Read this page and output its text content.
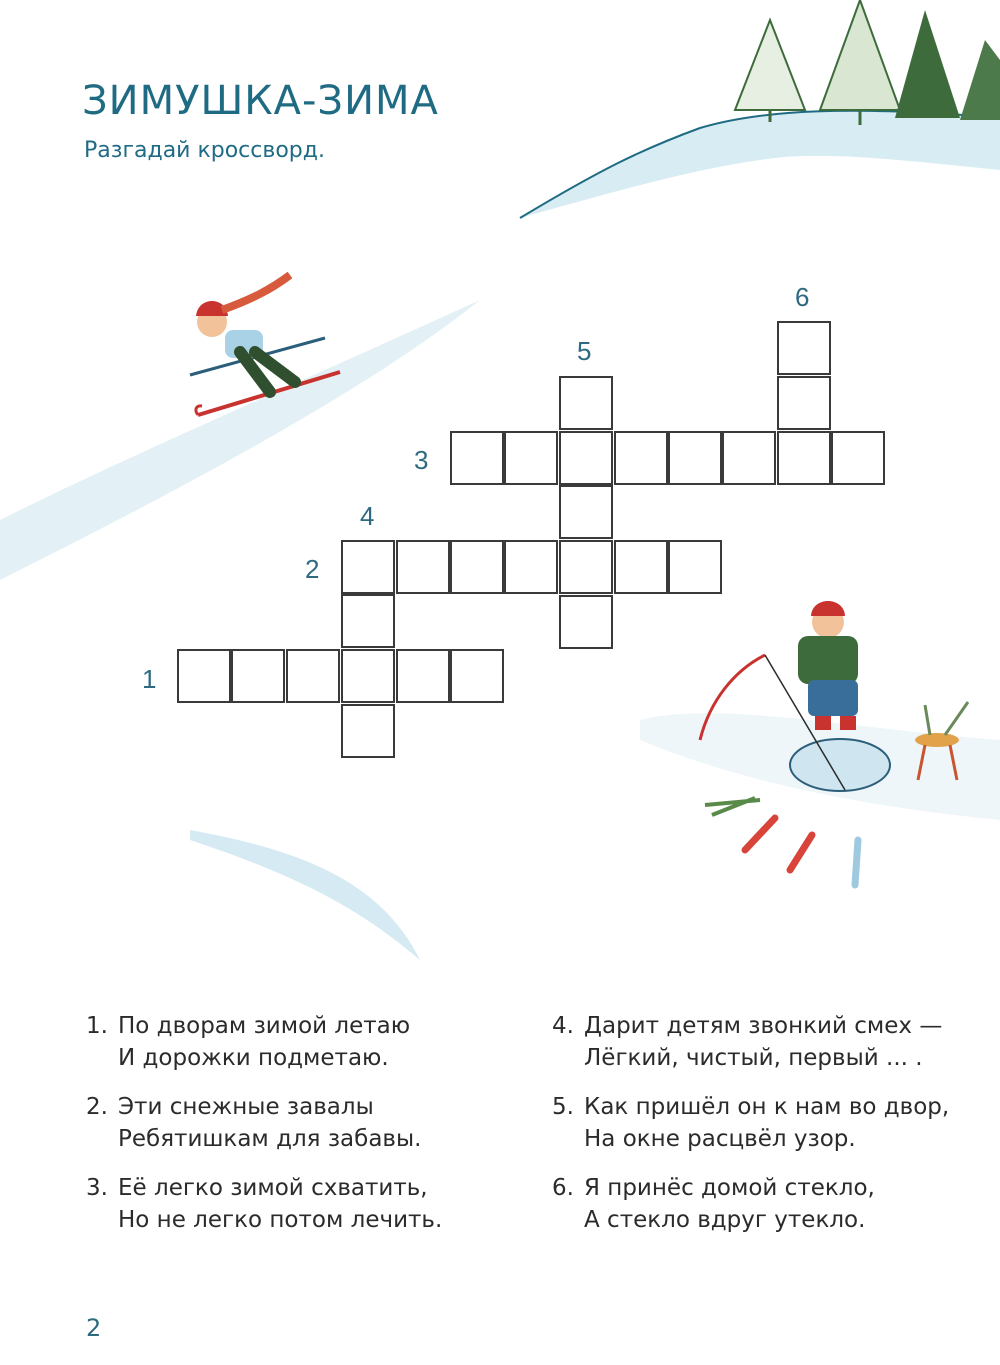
ЗИМУШКА-ЗИМА

Разгадай кроссворд.

1
2
3
4
5
6
1. По дворам зимой летаю
И дорожки подметаю.
2. Эти снежные завалы
Ребятишкам для забавы.
3. Её легко зимой схватить,
Но не легко потом лечить.
4. Дарит детям звонкий смех —
Лёгкий, чистый, первый ... .
5. Как пришёл он к нам во двор,
На окне расцвёл узор.
6. Я принёс домой стекло,
А стекло вдруг утекло.
2
